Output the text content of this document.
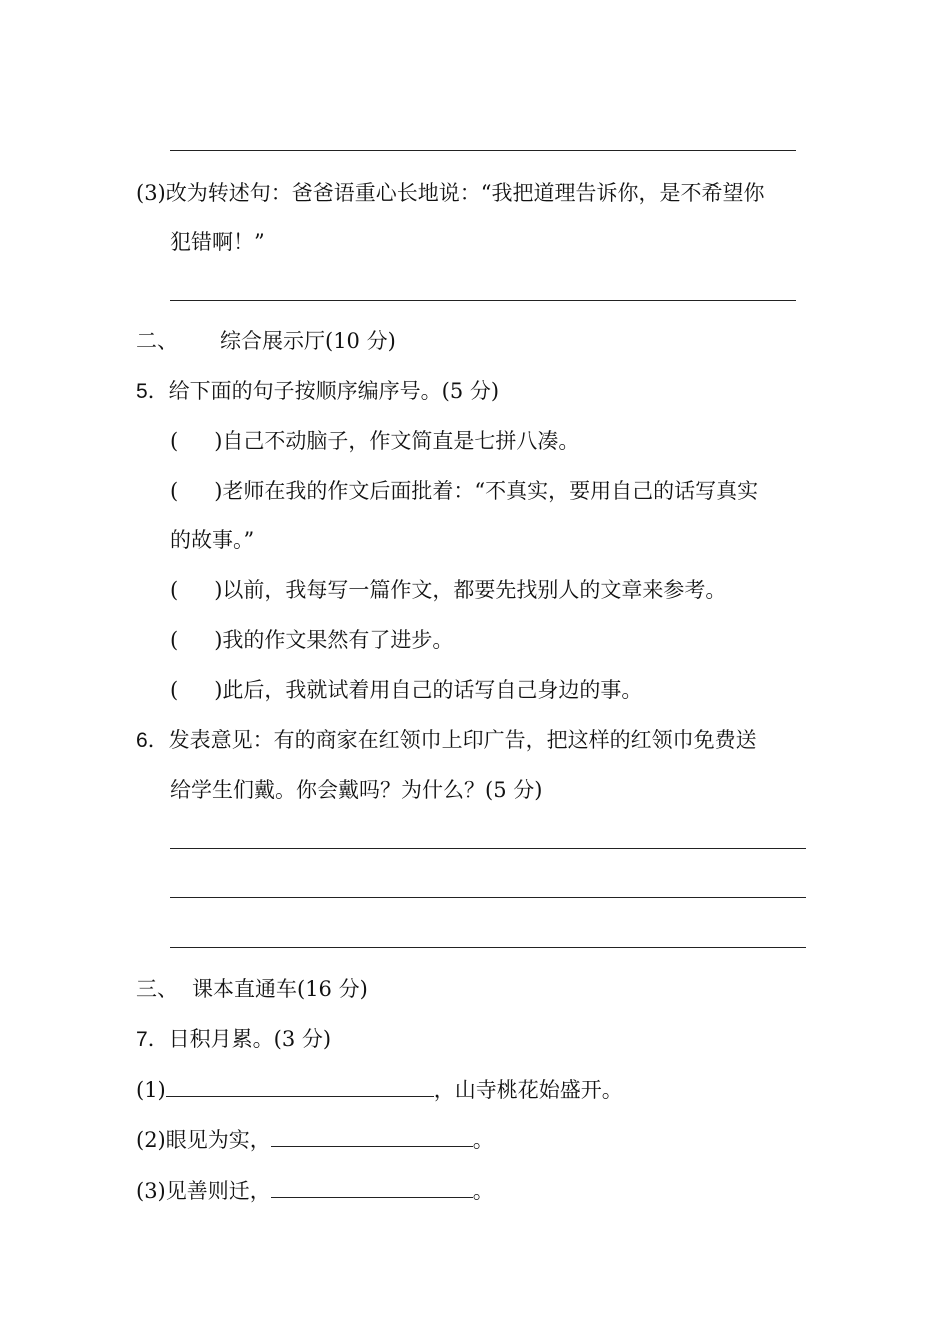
(3)改为转述句：爸爸语重心长地说：“我把道理告诉你，是不希望你
犯错啊！”
二、 综合展示厅(10 分)
5．给下面的句子按顺序编序号。(5 分)
( )自己不动脑子，作文简直是七拼八凑。
( )老师在我的作文后面批着：“不真实，要用自己的话写真实
的故事。”
( )以前，我每写一篇作文，都要先找别人的文章来参考。
( )我的作文果然有了进步。
( )此后，我就试着用自己的话写自己身边的事。
6．发表意见：有的商家在红领巾上印广告，把这样的红领巾免费送
给学生们戴。你会戴吗？为什么？(5 分)
三、 课本直通车(16 分)
7．日积月累。(3 分)
(1)	，山寺桃花始盛开。
(2)眼见为实，	。
(3)见善则迁，	。
